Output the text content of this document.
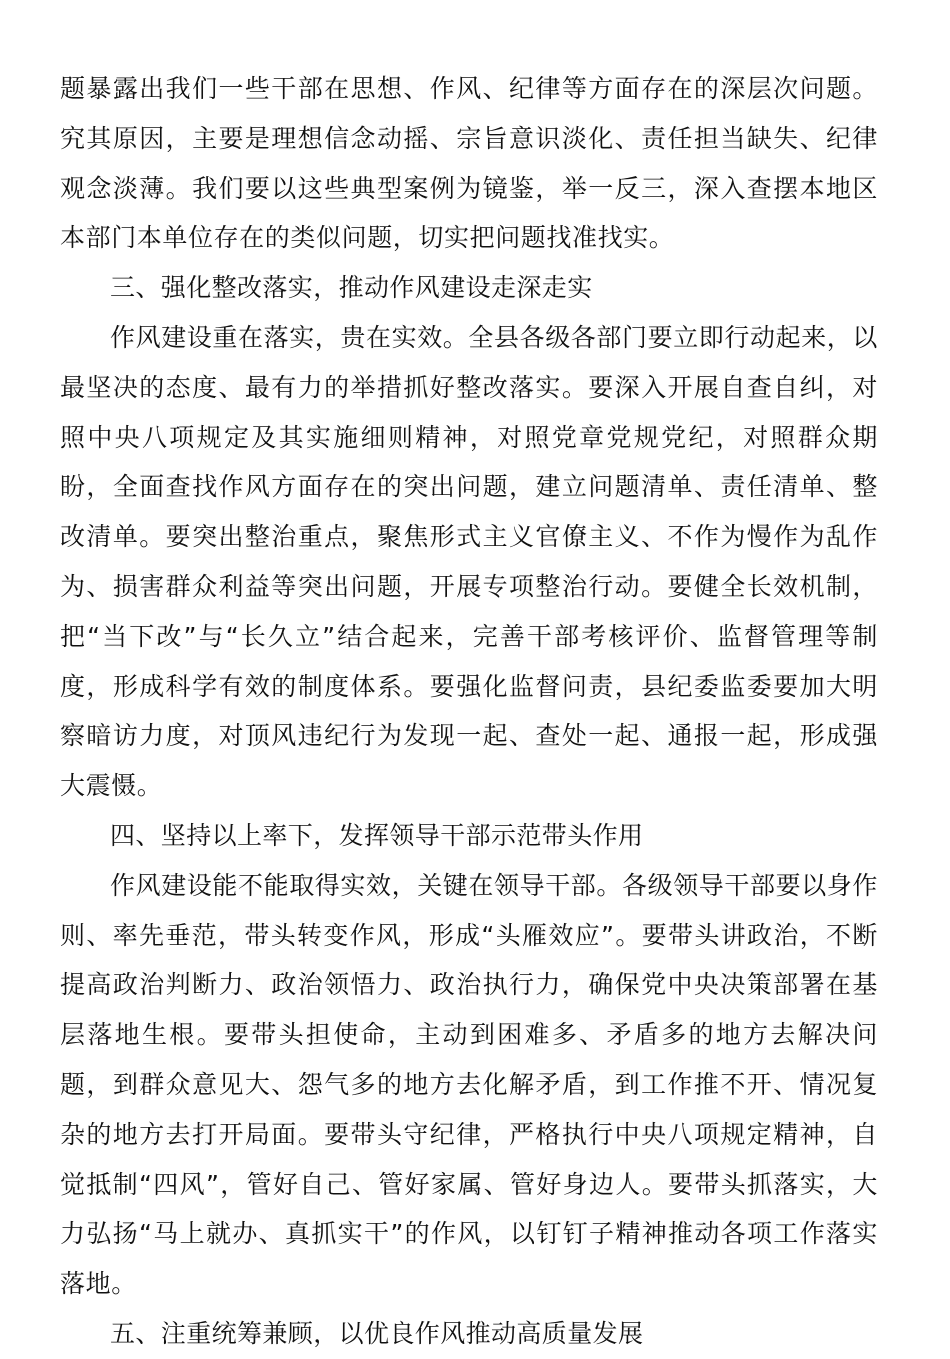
题暴露出我们一些干部在思想、作风、纪律等方面存在的深层次问题。究其原因，主要是理想信念动摇、宗旨意识淡化、责任担当缺失、纪律观念淡薄。我们要以这些典型案例为镜鉴，举一反三，深入查摆本地区本部门本单位存在的类似问题，切实把问题找准找实。

三、强化整改落实，推动作风建设走深走实

作风建设重在落实，贵在实效。全县各级各部门要立即行动起来，以最坚决的态度、最有力的举措抓好整改落实。要深入开展自查自纠，对照中央八项规定及其实施细则精神，对照党章党规党纪，对照群众期盼，全面查找作风方面存在的突出问题，建立问题清单、责任清单、整改清单。要突出整治重点，聚焦形式主义官僚主义、不作为慢作为乱作为、损害群众利益等突出问题，开展专项整治行动。要健全长效机制，把“当下改”与“长久立”结合起来，完善干部考核评价、监督管理等制度，形成科学有效的制度体系。要强化监督问责，县纪委监委要加大明察暗访力度，对顶风违纪行为发现一起、查处一起、通报一起，形成强大震慑。

四、坚持以上率下，发挥领导干部示范带头作用

作风建设能不能取得实效，关键在领导干部。各级领导干部要以身作则、率先垂范，带头转变作风，形成“头雁效应”。要带头讲政治，不断提高政治判断力、政治领悟力、政治执行力，确保党中央决策部署在基层落地生根。要带头担使命，主动到困难多、矛盾多的地方去解决问题，到群众意见大、怨气多的地方去化解矛盾，到工作推不开、情况复杂的地方去打开局面。要带头守纪律，严格执行中央八项规定精神，自觉抵制“四风”，管好自己、管好家属、管好身边人。要带头抓落实，大力弘扬“马上就办、真抓实干”的作风，以钉钉子精神推动各项工作落实落地。

五、注重统筹兼顾，以优良作风推动高质量发展
